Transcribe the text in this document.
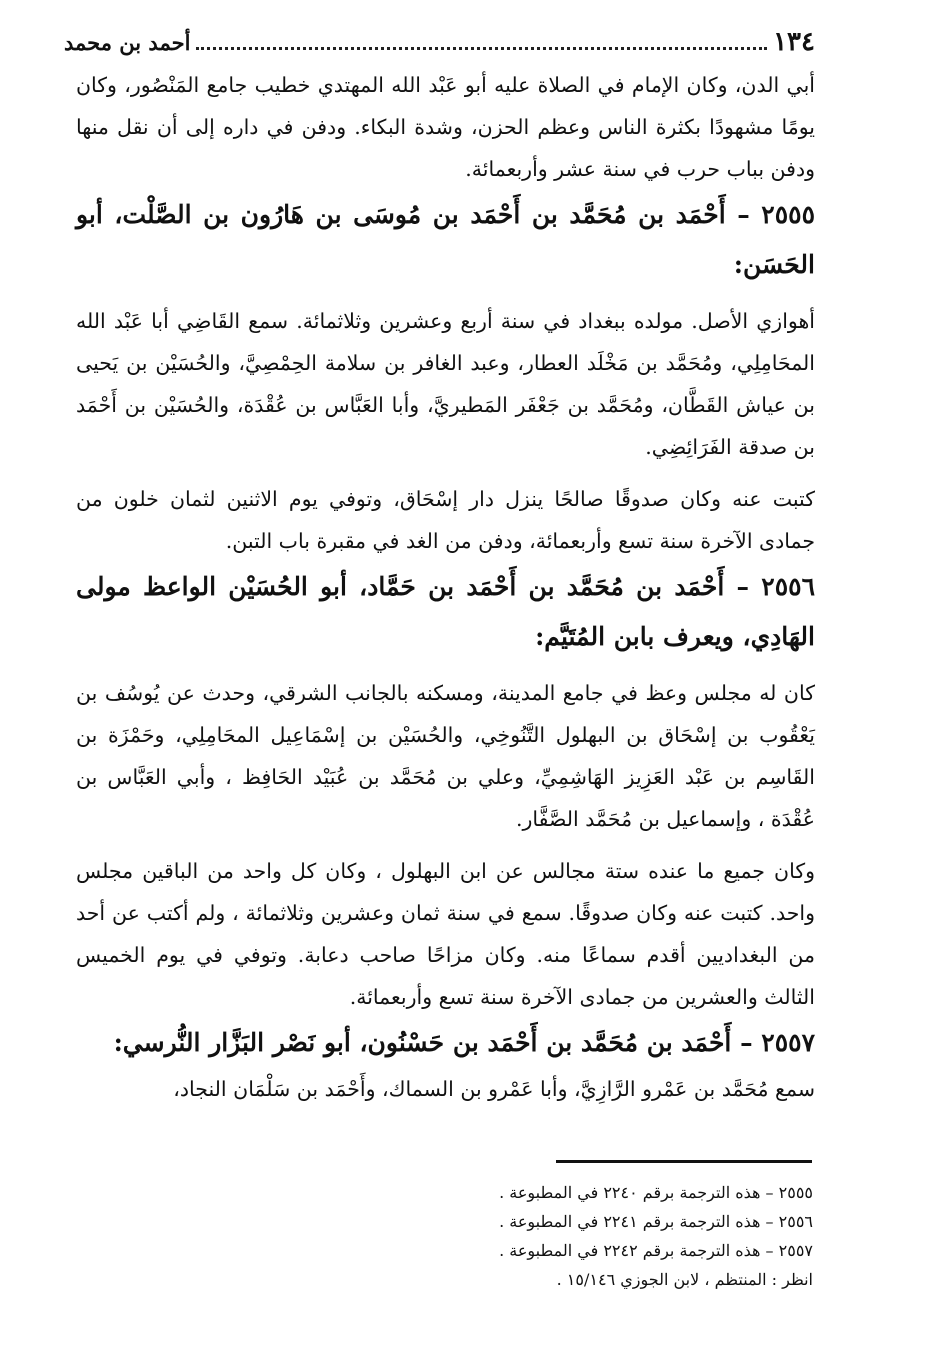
١٣٤
أحمد بن محمد

أبي الدن، وكان الإمام في الصلاة عليه أبو عَبْد الله المهتدي خطيب جامع المَنْصُور، وكان يومًا مشهودًا بكثرة الناس وعظم الحزن، وشدة البكاء. ودفن في داره إلى أن نقل منها ودفن بباب حرب في سنة عشر وأربعمائة.

٢٥٥٥ – أَحْمَد بن مُحَمَّد بن أَحْمَد بن مُوسَى بن هَارُون بن الصَّلْت، أبو الحَسَن:

أهوازي الأصل. مولده ببغداد في سنة أربع وعشرين وثلاثمائة. سمع القَاضِي أبا عَبْد الله المحَامِلِي، ومُحَمَّد بن مَخْلَد العطار، وعبد الغافر بن سلامة الحِمْصِيَّ، والحُسَيْن بن يَحيى بن عياش القَطَّان، ومُحَمَّد بن جَعْفَر المَطيريَّ، وأبا العَبَّاس بن عُقْدَة، والحُسَيْن بن أَحْمَد بن صدقة الفَرَائِضِي.

كتبت عنه وكان صدوقًا صالحًا ينزل دار إسْحَاق، وتوفي يوم الاثنين لثمان خلون من جمادى الآخرة سنة تسع وأربعمائة، ودفن من الغد في مقبرة باب التبن.

٢٥٥٦ – أَحْمَد بن مُحَمَّد بن أَحْمَد بن حَمَّاد، أبو الحُسَيْن الواعظ مولى الهَادِي، ويعرف بابن المُتَيَّم:

كان له مجلس وعظ في جامع المدينة، ومسكنه بالجانب الشرقي، وحدث عن يُوسُف بن يَعْقُوب بن إسْحَاق بن البهلول التَّنُوخِي، والحُسَيْن بن إسْمَاعِيل المحَامِلِي، وحَمْزَة بن القَاسِم بن عَبْد العَزِيز الهَاشِمِيِّ، وعلي بن مُحَمَّد بن عُبَيْد الحَافِظ ، وأبي العَبَّاس بن عُقْدَة ، وإسماعيل بن مُحَمَّد الصَّفَّار.

وكان جميع ما عنده ستة مجالس عن ابن البهلول ، وكان كل واحد من الباقين مجلس واحد. كتبت عنه وكان صدوقًا. سمع في سنة ثمان وعشرين وثلاثمائة ، ولم أكتب عن أحد من البغداديين أقدم سماعًا منه. وكان مزاحًا صاحب دعابة. وتوفي في يوم الخميس الثالث والعشرين من جمادى الآخرة سنة تسع وأربعمائة.

٢٥٥٧ – أَحْمَد بن مُحَمَّد بن أَحْمَد بن حَسْنُون، أبو نَصْر البَزَّار النُّرسي:

سمع مُحَمَّد بن عَمْرو الرَّازِيَّ، وأبا عَمْرو بن السماك، وأَحْمَد بن سَلْمَان النجاد،

٢٥٥٥ – هذه الترجمة برقم ٢٢٤٠ في المطبوعة .
٢٥٥٦ – هذه الترجمة برقم ٢٢٤١ في المطبوعة .
٢٥٥٧ – هذه الترجمة برقم ٢٢٤٢ في المطبوعة .
انظر : المنتظم ، لابن الجوزي ١٥/١٤٦ .
